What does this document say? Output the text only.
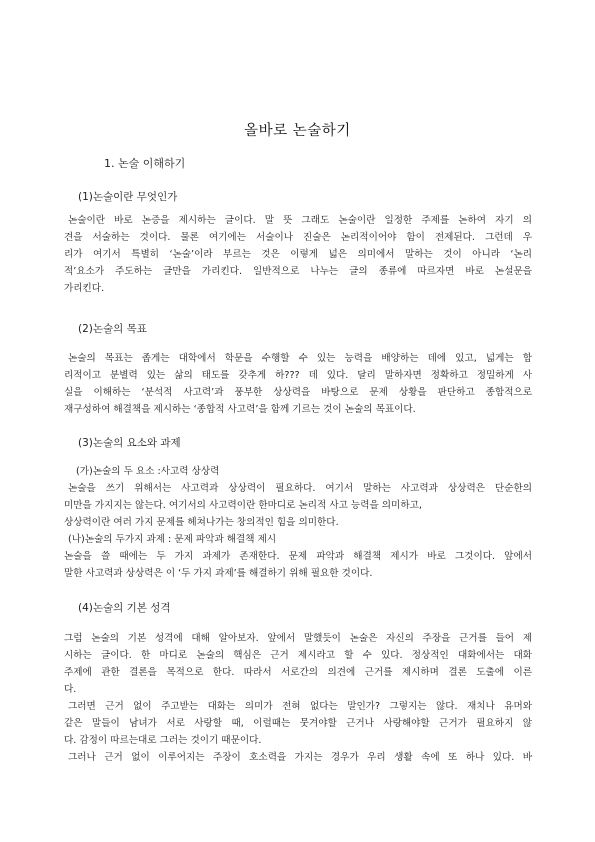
올바로 논술하기
1. 논술 이해하기
(1)논술이란 무엇인가
논술이란 바로 논증을 제시하는 글이다. 말 뜻 그래도 논술이란 일정한 주제를 논하여 자기 의
견을 서술하는 것이다. 물론 여기에는 서술이나 진술은 논리적이어야 함이 전제된다. 그런데 우
리가 여기서 특별히 ‘논술’이라 부르는 것은 이렇게 넓은 의미에서 말하는 것이 아니라 ‘논리
적’요소가 주도하는 글만을 가리킨다. 일반적으로 나누는 글의 종류에 따르자면 바로 논설문을
가리킨다.
(2)논술의 목표
논술의 목표는 좁게는 대학에서 학문을 수행할 수 있는 능력을 배양하는 데에 있고, 넓게는 합
리적이고 분별력 있는 삶의 태도를 갖추게 하??? 데 있다. 달리 말하자면 정확하고 정밀하게 사
실을 이해하는 ‘분석적 사고력’과 풍부한 상상력을 바탕으로 문제 상황을 판단하고 종합적으로
재구성하여 해결책을 제시하는 ‘종합적 사고력’을 함께 기르는 것이 논술의 목표이다.
(3)논술의 요소와 과제
(가)논술의 두 요소 :사고력 상상력
논술을 쓰기 위해서는 사고력과 상상력이 필요하다. 여기서 말하는 사고력과 상상력은 단순한의
미만을 가지지는 않는다. 여기서의 사고력이란 한마디로 논리적 사고 능력을 의미하고,
상상력이란 여러 가지 문제를 헤쳐나가는 창의적인 힘을 의미한다.
(나)논술의 두가지 과제 : 문제 파악과 해결책 제시
논술을 쓸 때에는 두 가지 과제가 존재한다. 문제 파악과 해결책 제시가 바로 그것이다. 앞에서
말한 사고력과 상상력은 이 ‘두 가지 과제’를 해결하기 위해 필요한 것이다.
(4)논술의 기본 성격
그럼 논술의 기본 성격에 대해 알아보자. 앞에서 말했듯이 논술은 자신의 주장을 근거를 들어 제
시하는 글이다. 한 마디로 논술의 핵심은 근거 제시라고 할 수 있다. 정상적인 대화에서는 대화
주제에 관한 결론을 목적으로 한다. 따라서 서로간의 의견에 근거를 제시하며 결론 도출에 이른
다.
그러면 근거 없이 주고받는 대화는 의미가 전혀 없다는 말인가? 그렇지는 않다. 재치나 유머와
같은 말들이 남녀가 서로 사랑할 때, 이럴때는 뭇겨야할 근거나 사랑해야할 근거가 필요하지 않
다. 감정이 따르는대로 그러는 것이기 때문이다.
그러나 근거 없이 이루어지는 주장이 호소력을 가지는 경우가 우리 생활 속에 또 하나 있다. 바
